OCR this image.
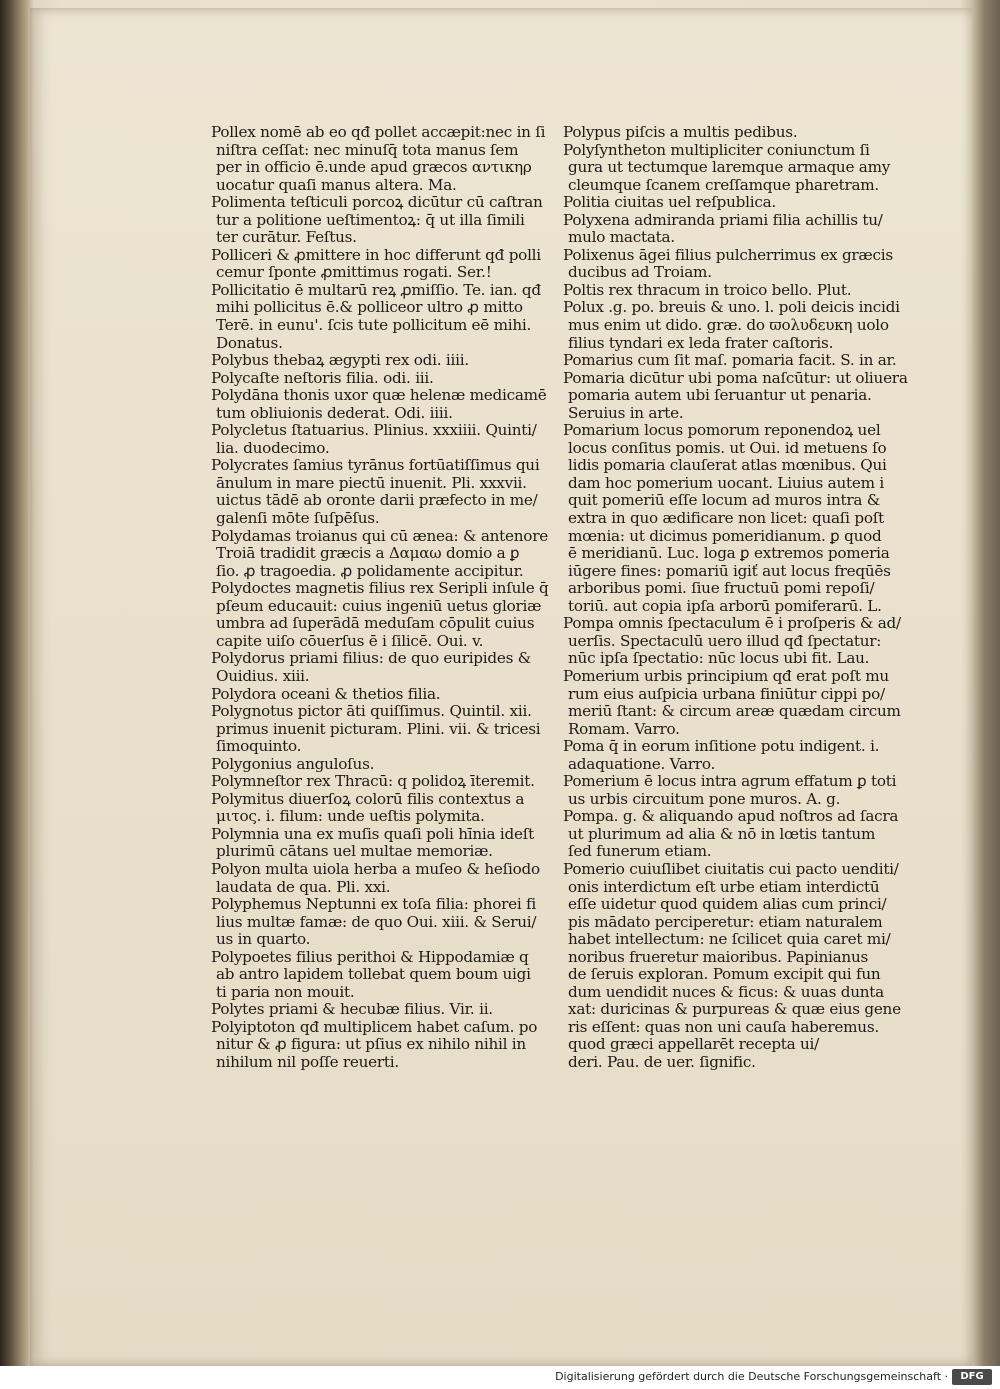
Pollex nomē ab eo qđ pollet accæpit:nec in ſi
niſtra ceſſat: nec minuſq̄ tota manus ſem
per in officio ē.unde apud græcos αντικηρ
uocatur quaſi manus altera. Ma.
Polimenta teſticuli porcoꝝ dicūtur cū caſtran
tur a politione ueſtimentoꝝ: q̄ ut illa ſimili
ter curātur. Feſtus.
Polliceri & ꝓmittere in hoc differunt qđ polli
cemur ſponte ꝓmittimus rogati. Ser.!
Pollicitatio ē multarū reꝝ ꝓmiſſio. Te. ian. qđ
mihi pollicitus ē.& polliceor ultro ꝓ mitto
Terē. in eunu'. ſcis tute pollicitum eē mihi.
Donatus.
Polybus thebaꝝ ægypti rex odi. iiii.
Polycaſte neſtoris filia. odi. iii.
Polydāna thonis uxor quæ helenæ medicamē
tum obliuionis dederat. Odi. iiii.
Polycletus ſtatuarius. Plinius. xxxiiii. Quinti/
lia. duodecimo.
Polycrates ſamius tyrānus fortūatiſſimus qui
ānulum in mare piectū inuenit. Pli. xxxvii.
uictus tādē ab oronte darii præfecto in me/
galenſi mōte ſuſpēſus.
Polydamas troianus qui cū ænea: & antenore
Troiā tradidit græcis a Δαμαω domio a ꝑ
ſio. ꝓ tragoedia. ꝓ polidamente accipitur.
Polydoctes magnetis filius rex Seripli inſule q̄
pſeum educauit: cuius ingeniū uetus gloriæ
umbra ad ſuperādā meduſam cōpulit cuius
capite uiſo cōuerſus ē i ſilicē. Oui. v.
Polydorus priami filius: de quo euripides &
Ouidius. xiii.
Polydora oceani & thetios filia.
Polygnotus pictor āti quiſſimus. Quintil. xii.
primus inuenit picturam. Plini. vii. & tricesi
ſimoquinto.
Polygonius anguloſus.
Polymneſtor rex Thracū: q polidoꝝ īteremit.
Polymitus diuerſoꝝ colorū filis contextus a
μιτος. i. filum: unde ueſtis polymita.
Polymnia una ex muſis quaſi poli hīnia ideſt
plurimū cātans uel multae memoriæ.
Polyon multa uiola herba a muſeo & heſiodo
laudata de qua. Pli. xxi.
Polyphemus Neptunni ex toſa filia: phorei fi
lius multæ famæ: de quo Oui. xiii. & Serui/
us in quarto.
Polypoetes filius perithoi & Hippodamiæ q
ab antro lapidem tollebat quem boum uigi
ti paria non mouit.
Polytes priami & hecubæ filius. Vir. ii.
Polyiptoton qđ multiplicem habet caſum. po
nitur & ꝓ figura: ut pſius ex nihilo nihil in
nihilum nil poſſe reuerti.
Polypus piſcis a multis pedibus.
Polyſyntheton multipliciter coniunctum ſi
gura ut tectumque laremque armaque amy
cleumque ſcanem creſſamque pharetram.
Politia ciuitas uel reſpublica.
Polyxena admiranda priami filia achillis tu/
mulo mactata.
Polixenus āgei filius pulcherrimus ex græcis
ducibus ad Troiam.
Poltis rex thracum in troico bello. Plut.
Polux .g. po. breuis & uno. l. poli deicis incidi
mus enim ut dido. græ. do ϖολυδευκη uolo
filius tyndari ex leda frater caſtoris.
Pomarius cum ſit maſ. pomaria facit. S. in ar.
Pomaria dicūtur ubi poma naſcūtur: ut oliuera
pomaria autem ubi ſeruantur ut penaria.
Seruius in arte.
Pomarium locus pomorum reponendoꝝ uel
locus conſitus pomis. ut Oui. id metuens ſo
lidis pomaria clauſerat atlas mœnibus. Qui
dam hoc pomerium uocant. Liuius autem i
quit pomeriū eſſe locum ad muros intra &
extra in quo ædificare non licet: quaſi poſt
mœnia: ut dicimus pomeridianum. ꝑ quod
ē meridianū. Luc. loga ꝑ extremos pomeria
iūgere fines: pomariū igiť aut locus freqūēs
arboribus pomi. ſiue fructuū pomi repoſi/
toriū. aut copia ipſa arborū pomiferarū. L.
Pompa omnis ſpectaculum ē i proſperis & ad/
uerſis. Spectaculū uero illud qđ ſpectatur:
nūc ipſa ſpectatio: nūc locus ubi fit. Lau.
Pomerium urbis principium qđ erat poſt mu
rum eius auſpicia urbana finiūtur cippi po/
meriū ſtant: & circum areæ quædam circum
Romam. Varro.
Poma q̄ in eorum inſitione potu indigent. i.
adaquatione. Varro.
Pomerium ē locus intra agrum effatum ꝑ toti
us urbis circuitum pone muros. A. g.
Pompa. g. & aliquando apud noſtros ad ſacra
ut plurimum ad alia & nō in lœtis tantum
ſed funerum etiam.
Pomerio cuiuſlibet ciuitatis cui pacto uenditi/
onis interdictum eſt urbe etiam interdictū
eſſe uidetur quod quidem alias cum princi/
pis mādato perciperetur: etiam naturalem
habet intellectum: ne ſcilicet quia caret mi/
noribus frueretur maioribus. Papinianus
de ſeruis exploran. Pomum excipit qui fun
dum uendidit nuces & ficus: & uuas dunta
xat: duricinas & purpureas & quæ eius gene
ris eſſent: quas non uni cauſa haberemus.
quod græci appellarēt recepta ui/
deri. Pau. de uer. ſignific.
Digitalisierung gefördert durch die Deutsche Forschungsgemeinschaft ·	DFG
